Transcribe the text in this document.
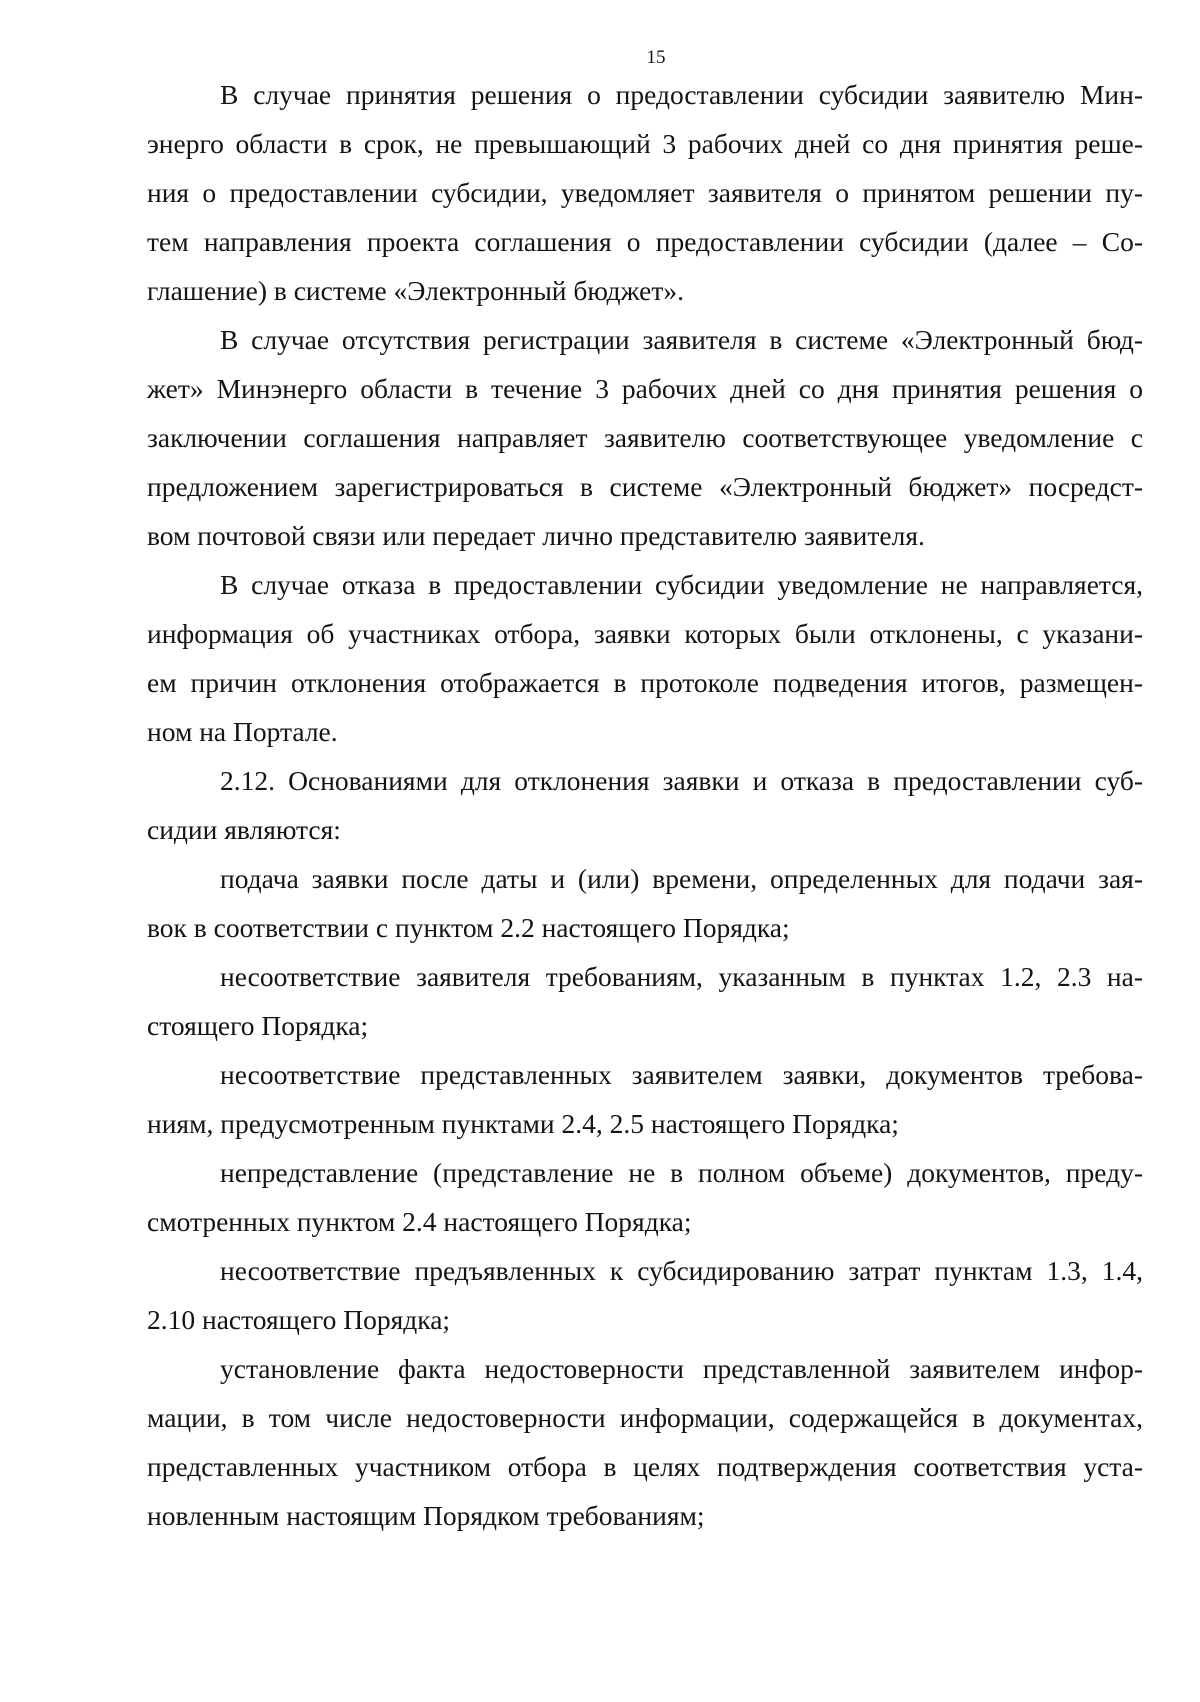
15
В случае принятия решения о предоставлении субсидии заявителю Мин-
энерго области в срок, не превышающий 3 рабочих дней со дня принятия реше-
ния о предоставлении субсидии, уведомляет заявителя о принятом решении пу-
тем направления проекта соглашения о предоставлении субсидии (далее – Со-
глашение) в системе «Электронный бюджет».
В случае отсутствия регистрации заявителя в системе «Электронный бюд-
жет» Минэнерго области в течение 3 рабочих дней со дня принятия решения о
заключении соглашения направляет заявителю соответствующее уведомление с
предложением зарегистрироваться в системе «Электронный бюджет» посредст-
вом почтовой связи или передает лично представителю заявителя.
В случае отказа в предоставлении субсидии уведомление не направляется,
информация об участниках отбора, заявки которых были отклонены, с указани-
ем причин отклонения отображается в протоколе подведения итогов, размещен-
ном на Портале.
2.12. Основаниями для отклонения заявки и отказа в предоставлении суб-
сидии являются:
подача заявки после даты и (или) времени, определенных для подачи зая-
вок в соответствии с пунктом 2.2 настоящего Порядка;
несоответствие заявителя требованиям, указанным в пунктах 1.2, 2.3 на-
стоящего Порядка;
несоответствие представленных заявителем заявки, документов требова-
ниям, предусмотренным пунктами 2.4, 2.5 настоящего Порядка;
непредставление (представление не в полном объеме) документов, преду-
смотренных пунктом 2.4 настоящего Порядка;
несоответствие предъявленных к субсидированию затрат пунктам 1.3, 1.4,
2.10 настоящего Порядка;
установление факта недостоверности представленной заявителем инфор-
мации, в том числе недостоверности информации, содержащейся в документах,
представленных участником отбора в целях подтверждения соответствия уста-
новленным настоящим Порядком требованиям;
